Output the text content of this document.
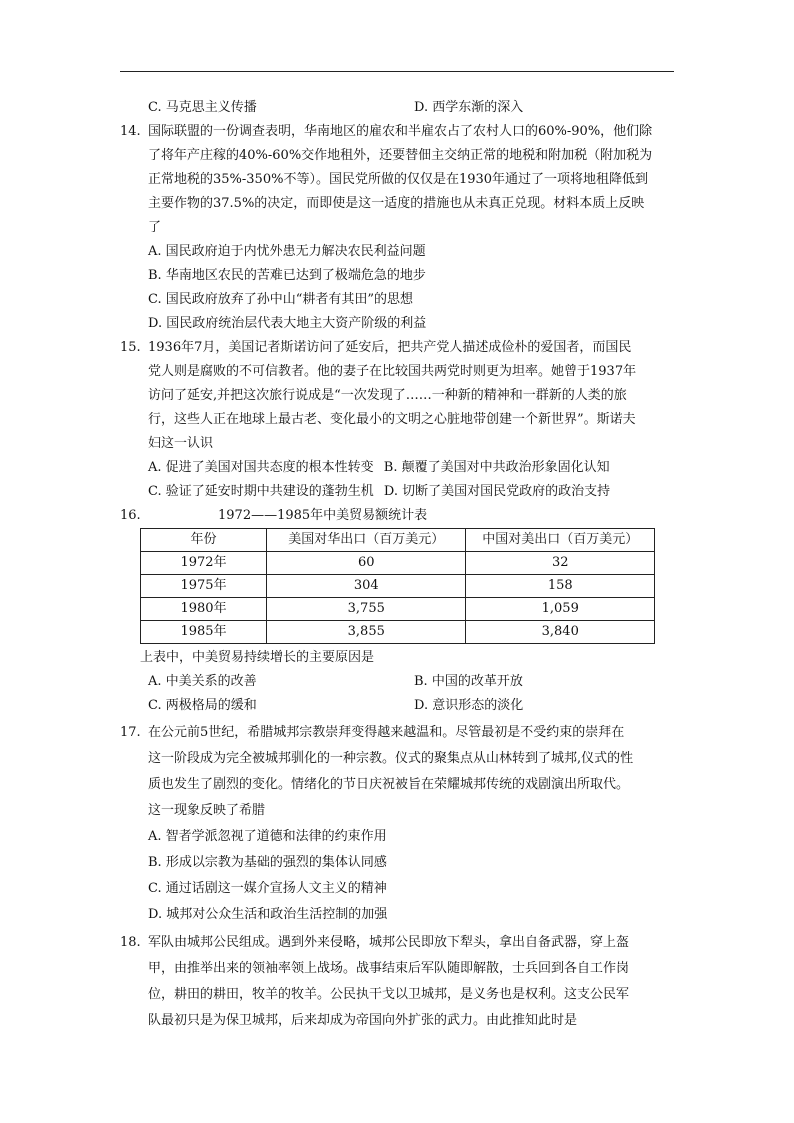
C. 马克思主义传播	D. 西学东渐的深入
14. 国际联盟的一份调查表明，华南地区的雇农和半雇农占了农村人口的60%-90%，他们除
了将年产庄稼的40%-60%交作地租外，还要替佃主交纳正常的地税和附加税（附加税为
正常地税的35%-350%不等）。国民党所做的仅仅是在1930年通过了一项将地租降低到
主要作物的37.5%的决定，而即使是这一适度的措施也从未真正兑现。材料本质上反映
了
A. 国民政府迫于内忧外患无力解决农民利益问题
B. 华南地区农民的苦难已达到了极端危急的地步
C. 国民政府放弃了孙中山“耕者有其田”的思想
D. 国民政府统治层代表大地主大资产阶级的利益
15. 1936年7月，美国记者斯诺访问了延安后，把共产党人描述成俭朴的爱国者，而国民
党人则是腐败的不可信教者。他的妻子在比较国共两党时则更为坦率。她曾于1937年
访问了延安,并把这次旅行说成是“一次发现了……一种新的精神和一群新的人类的旅
行，这些人正在地球上最古老、变化最小的文明之心脏地带创建一个新世界”。斯诺夫
妇这一认识
A. 促进了美国对国共态度的根本性转变 B. 颠覆了美国对中共政治形象固化认知
C. 验证了延安时期中共建设的蓬勃生机 D. 切断了美国对国民党政府的政治支持
16.	1972——1985年中美贸易额统计表
年份	美国对华出口（百万美元）	中国对美出口（百万美元）
1972年	60	32
1975年	304	158
1980年	3,755	1,059
1985年	3,855	3,840
上表中，中美贸易持续增长的主要原因是
A. 中美关系的改善	B. 中国的改革开放
C. 两极格局的缓和	D. 意识形态的淡化
17. 在公元前5世纪，希腊城邦宗教崇拜变得越来越温和。尽管最初是不受约束的崇拜在
这一阶段成为完全被城邦驯化的一种宗教。仪式的聚集点从山林转到了城邦,仪式的性
质也发生了剧烈的变化。情绪化的节日庆祝被旨在荣耀城邦传统的戏剧演出所取代。
这一现象反映了希腊
A. 智者学派忽视了道德和法律的约束作用
B. 形成以宗教为基础的强烈的集体认同感
C. 通过话剧这一媒介宣扬人文主义的精神
D. 城邦对公众生活和政治生活控制的加强
18. 军队由城邦公民组成。遇到外来侵略，城邦公民即放下犁头，拿出自备武器，穿上盔

甲，由推举出来的领袖率领上战场。战事结束后军队随即解散，士兵回到各自工作岗

位，耕田的耕田，牧羊的牧羊。公民执干戈以卫城邦，是义务也是权利。这支公民军

队最初只是为保卫城邦，后来却成为帝国向外扩张的武力。由此推知此时是
